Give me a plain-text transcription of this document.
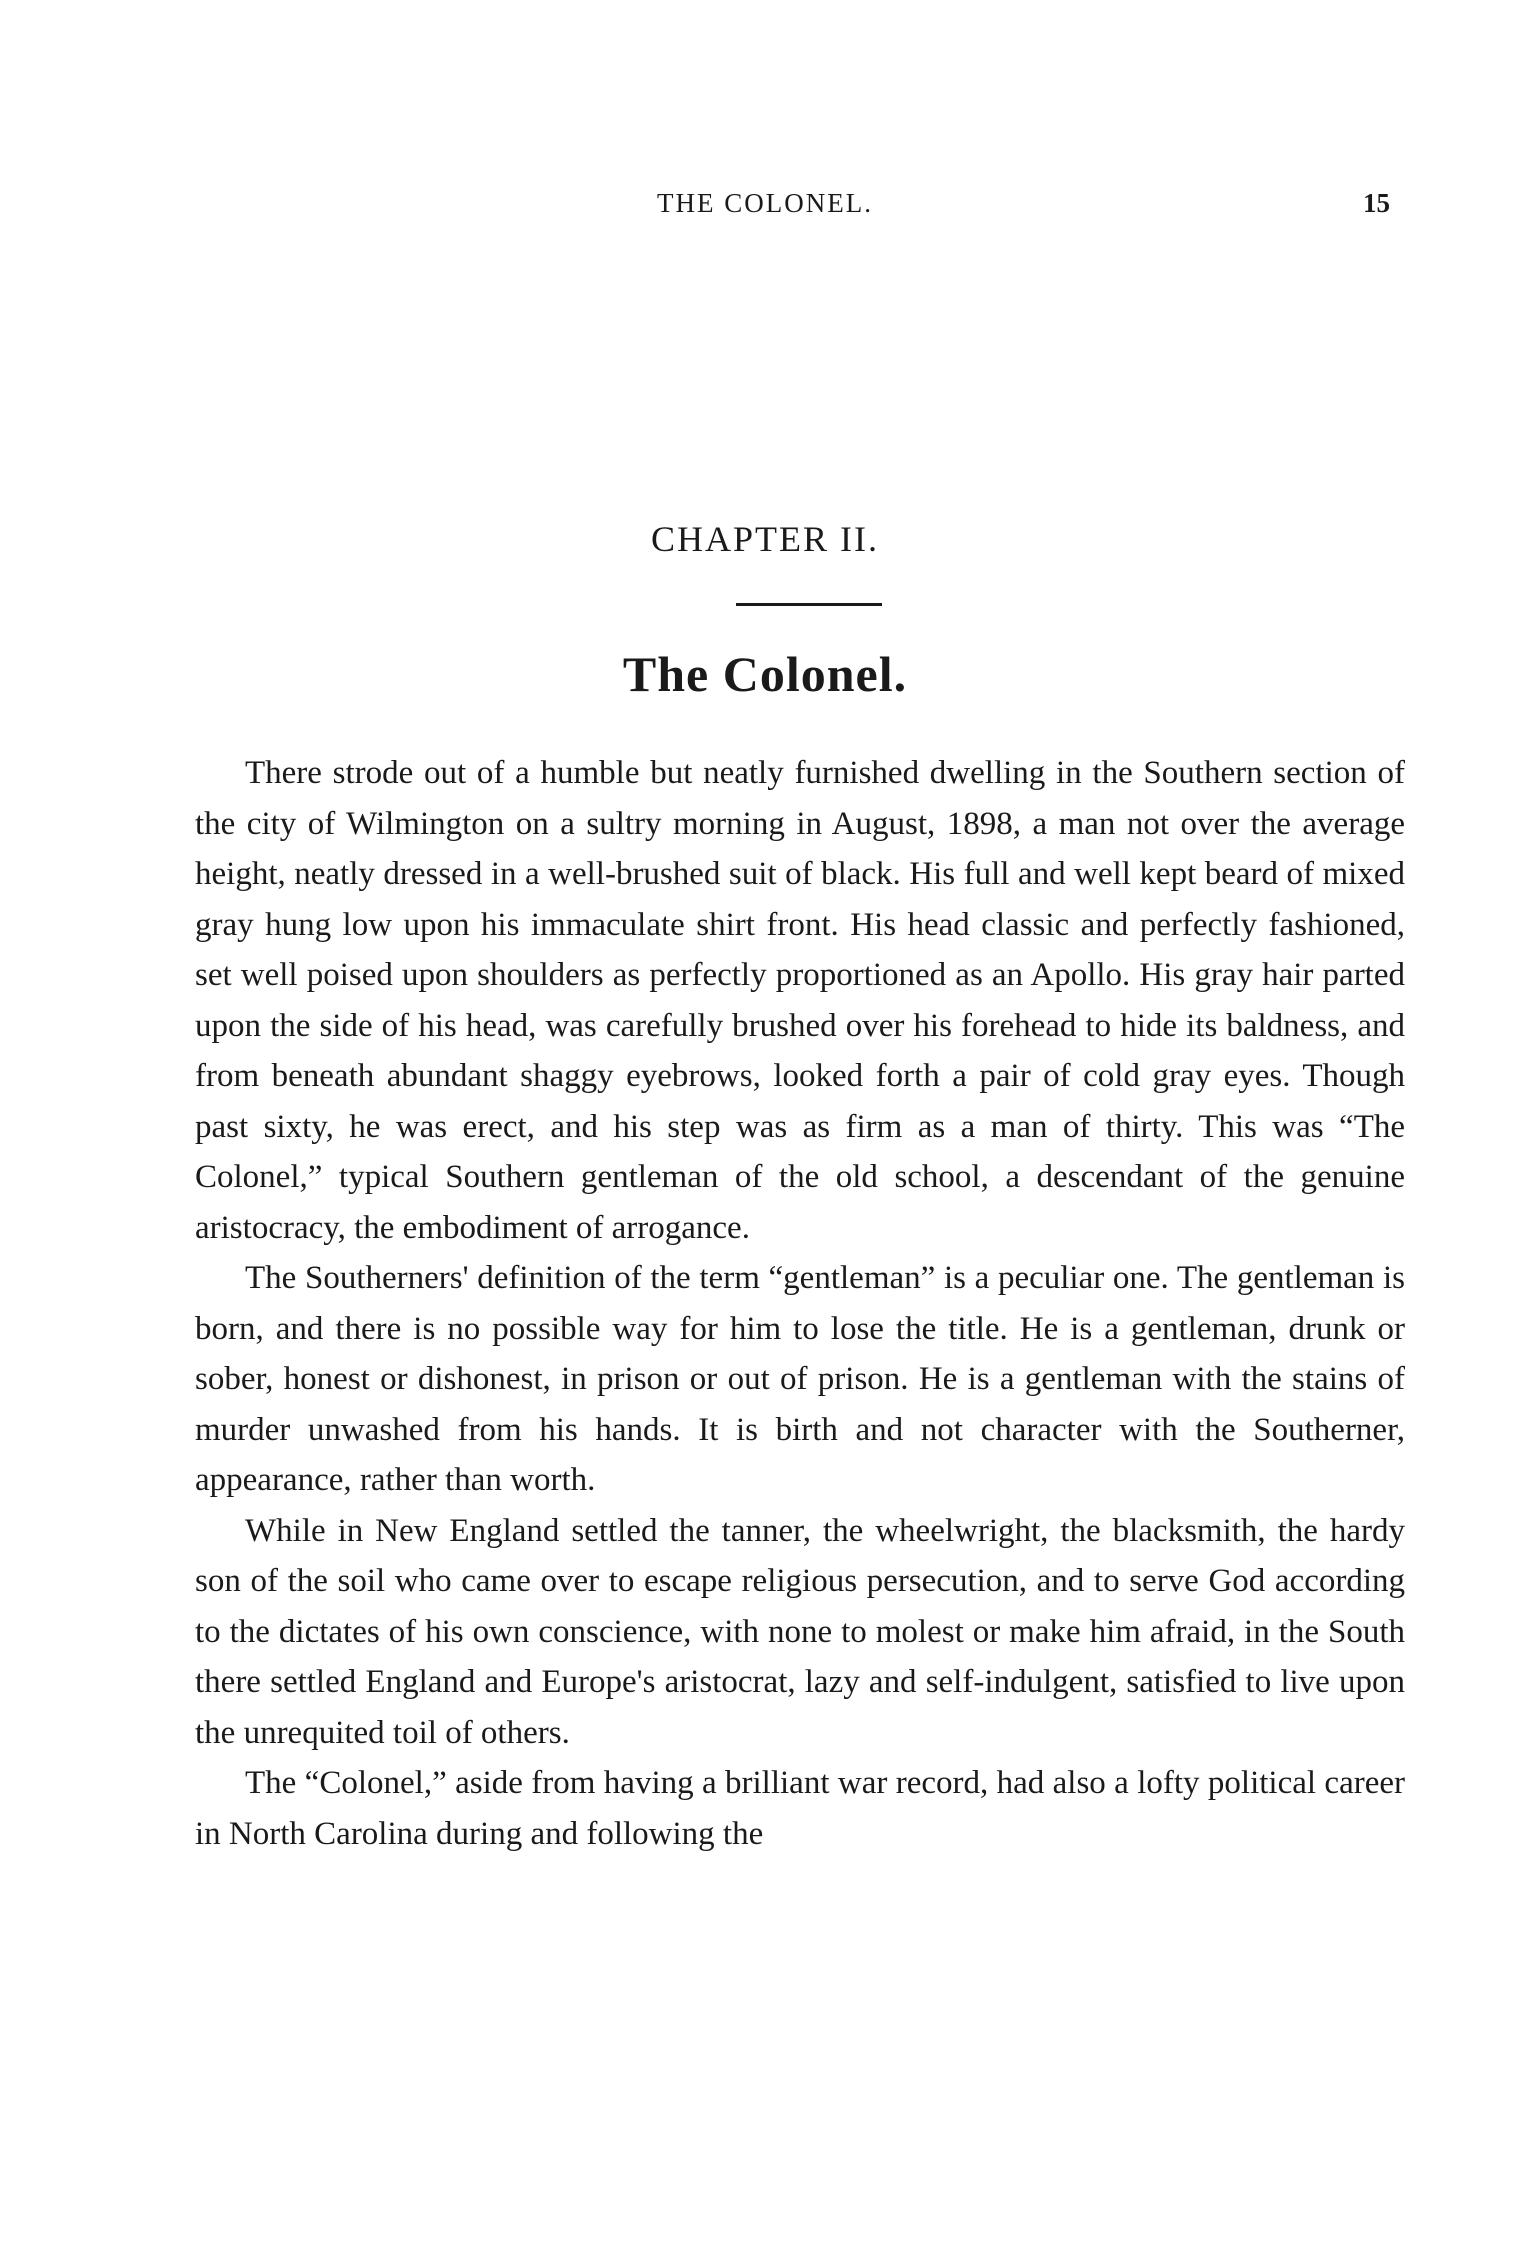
THE COLONEL.	15
CHAPTER II.
The Colonel.

There strode out of a humble but neatly furnished dwelling in the Southern section of the city of Wilmington on a sultry morning in August, 1898, a man not over the average height, neatly dressed in a well-brushed suit of black. His full and well kept beard of mixed gray hung low upon his immaculate shirt front. His head classic and perfectly fashioned, set well poised upon shoulders as perfectly proportioned as an Apollo. His gray hair parted upon the side of his head, was carefully brushed over his forehead to hide its baldness, and from beneath abundant shaggy eyebrows, looked forth a pair of cold gray eyes. Though past sixty, he was erect, and his step was as firm as a man of thirty. This was “The Colonel,” typical Southern gentleman of the old school, a descendant of the genuine aristocracy, the embodiment of arrogance.

The Southerners' definition of the term “gentleman” is a peculiar one. The gentleman is born, and there is no possible way for him to lose the title. He is a gentleman, drunk or sober, honest or dishonest, in prison or out of prison. He is a gentleman with the stains of murder unwashed from his hands. It is birth and not character with the Southerner, appearance, rather than worth.

While in New England settled the tanner, the wheelwright, the blacksmith, the hardy son of the soil who came over to escape religious persecution, and to serve God according to the dictates of his own conscience, with none to molest or make him afraid, in the South there settled England and Europe's aristocrat, lazy and self-indulgent, satisfied to live upon the unrequited toil of others.

The “Colonel,” aside from having a brilliant war record, had also a lofty political career in North Carolina during and following the
